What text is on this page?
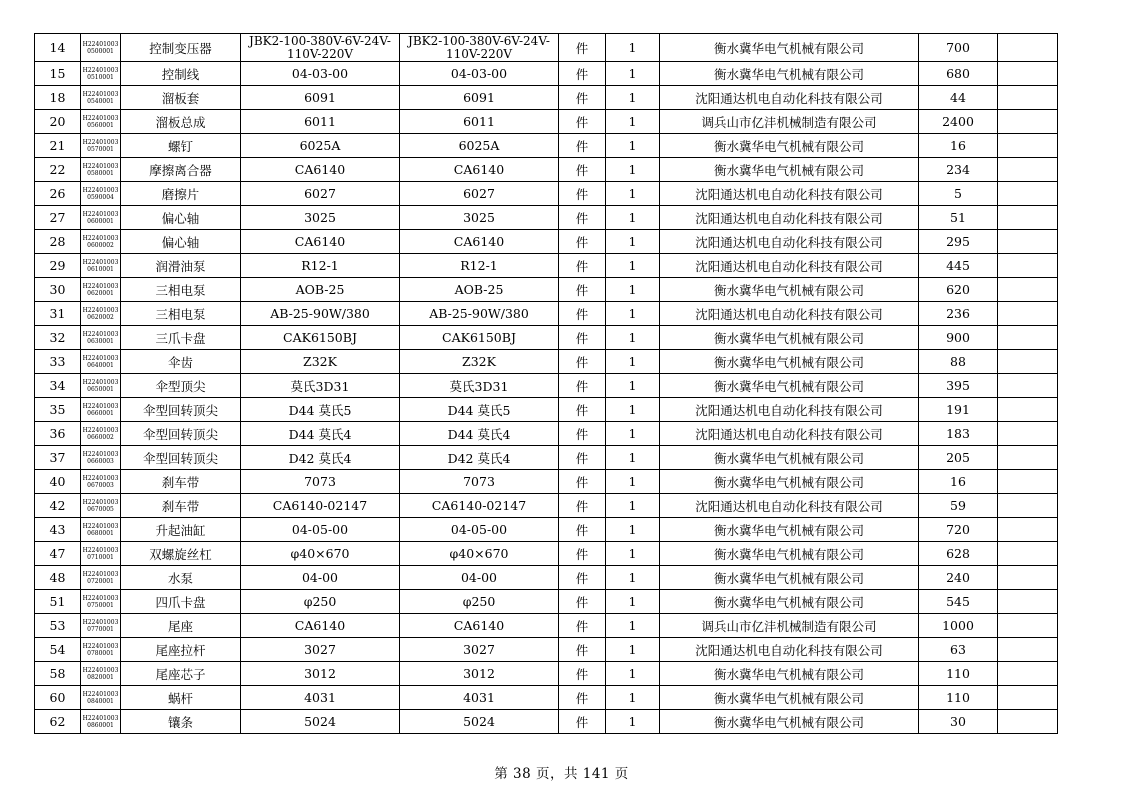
14	H22401003 0500001	控制变压器	JBK2-100-380V-6V-24V-110V-220V	JBK2-100-380V-6V-24V-110V-220V	件	1	衡水冀华电气机械有限公司	700	
15	H22401003 0510001	控制线	04-03-00	04-03-00	件	1	衡水冀华电气机械有限公司	680	
18	H22401003 0540001	溜板套	6091	6091	件	1	沈阳通达机电自动化科技有限公司	44	
20	H22401003 0560001	溜板总成	6011	6011	件	1	调兵山市亿沣机械制造有限公司	2400	
21	H22401003 0570001	螺钉	6025A	6025A	件	1	衡水冀华电气机械有限公司	16	
22	H22401003 0580001	摩擦离合器	CA6140	CA6140	件	1	衡水冀华电气机械有限公司	234	
26	H22401003 0590004	磨擦片	6027	6027	件	1	沈阳通达机电自动化科技有限公司	5	
27	H22401003 0600001	偏心轴	3025	3025	件	1	沈阳通达机电自动化科技有限公司	51	
28	H22401003 0600002	偏心轴	CA6140	CA6140	件	1	沈阳通达机电自动化科技有限公司	295	
29	H22401003 0610001	润滑油泵	R12-1	R12-1	件	1	沈阳通达机电自动化科技有限公司	445	
30	H22401003 0620001	三相电泵	AOB-25	AOB-25	件	1	衡水冀华电气机械有限公司	620	
31	H22401003 0620002	三相电泵	AB-25-90W/380	AB-25-90W/380	件	1	沈阳通达机电自动化科技有限公司	236	
32	H22401003 0630001	三爪卡盘	CAK6150BJ	CAK6150BJ	件	1	衡水冀华电气机械有限公司	900	
33	H22401003 0640001	伞齿	Z32K	Z32K	件	1	衡水冀华电气机械有限公司	88	
34	H22401003 0650001	伞型顶尖	莫氏3D31	莫氏3D31	件	1	衡水冀华电气机械有限公司	395	
35	H22401003 0660001	伞型回转顶尖	D44 莫氏5	D44 莫氏5	件	1	沈阳通达机电自动化科技有限公司	191	
36	H22401003 0660002	伞型回转顶尖	D44 莫氏4	D44 莫氏4	件	1	沈阳通达机电自动化科技有限公司	183	
37	H22401003 0660003	伞型回转顶尖	D42 莫氏4	D42 莫氏4	件	1	衡水冀华电气机械有限公司	205	
40	H22401003 0670003	刹车带	7073	7073	件	1	衡水冀华电气机械有限公司	16	
42	H22401003 0670005	刹车带	CA6140-02147	CA6140-02147	件	1	沈阳通达机电自动化科技有限公司	59	
43	H22401003 0680001	升起油缸	04-05-00	04-05-00	件	1	衡水冀华电气机械有限公司	720	
47	H22401003 0710001	双螺旋丝杠	φ40×670	φ40×670	件	1	衡水冀华电气机械有限公司	628	
48	H22401003 0720001	水泵	04-00	04-00	件	1	衡水冀华电气机械有限公司	240	
51	H22401003 0750001	四爪卡盘	φ250	φ250	件	1	衡水冀华电气机械有限公司	545	
53	H22401003 0770001	尾座	CA6140	CA6140	件	1	调兵山市亿沣机械制造有限公司	1000	
54	H22401003 0780001	尾座拉杆	3027	3027	件	1	沈阳通达机电自动化科技有限公司	63	
58	H22401003 0820001	尾座芯子	3012	3012	件	1	衡水冀华电气机械有限公司	110	
60	H22401003 0840001	蜗杆	4031	4031	件	1	衡水冀华电气机械有限公司	110	
62	H22401003 0860001	镶条	5024	5024	件	1	衡水冀华电气机械有限公司	30	
第 38 页，共 141 页
